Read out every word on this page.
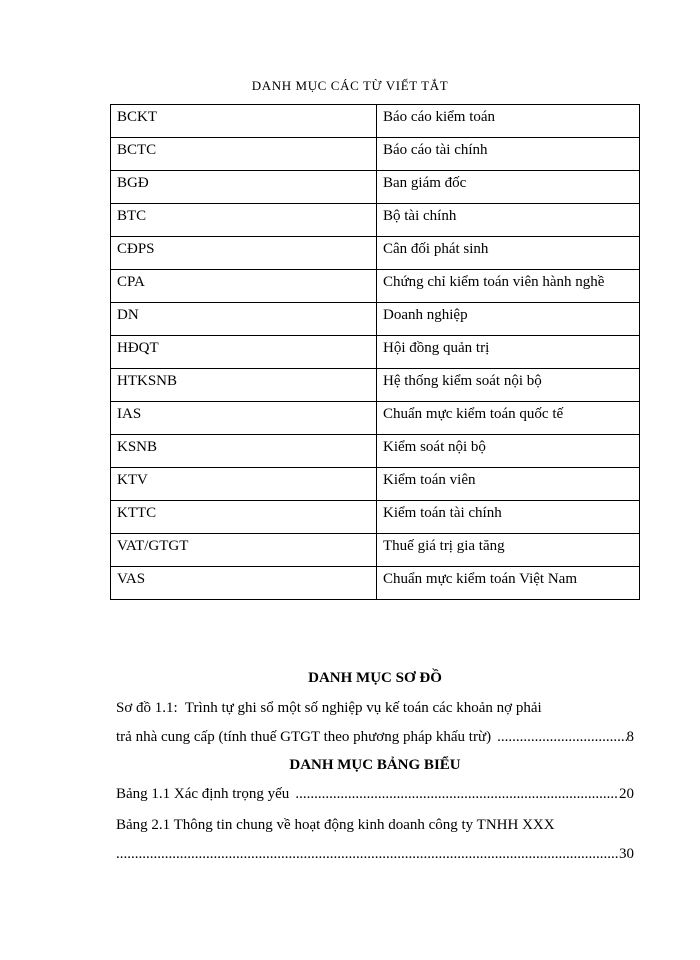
DANH MỤC CÁC TỪ VIẾT TẮT
BCKT	Báo cáo kiểm toán
BCTC	Báo cáo tài chính
BGĐ	Ban giám đốc
BTC	Bộ tài chính
CĐPS	Cân đối phát sinh
CPA	Chứng chỉ kiểm toán viên hành nghề
DN	Doanh nghiệp
HĐQT	Hội đồng quản trị
HTKSNB	Hệ thống kiểm soát nội bộ
IAS	Chuẩn mực kiểm toán quốc tế
KSNB	Kiểm soát nội bộ
KTV	Kiểm toán viên
KTTC	Kiểm toán tài chính
VAT/GTGT	Thuế giá trị gia tăng
VAS	Chuẩn mực kiểm toán Việt Nam
DANH MỤC SƠ ĐỒ
Sơ đồ 1.1:  Trình tự ghi sổ một số nghiệp vụ kế toán các khoản nợ phải
trả nhà cung cấp (tính thuế GTGT theo phương pháp khấu trừ) .....	8
DANH MỤC BẢNG BIỂU
Bảng 1.1 Xác định trọng yếu .....	20
Bảng 2.1 Thông tin chung về hoạt động kinh doanh công ty TNHH XXX
.....
30
